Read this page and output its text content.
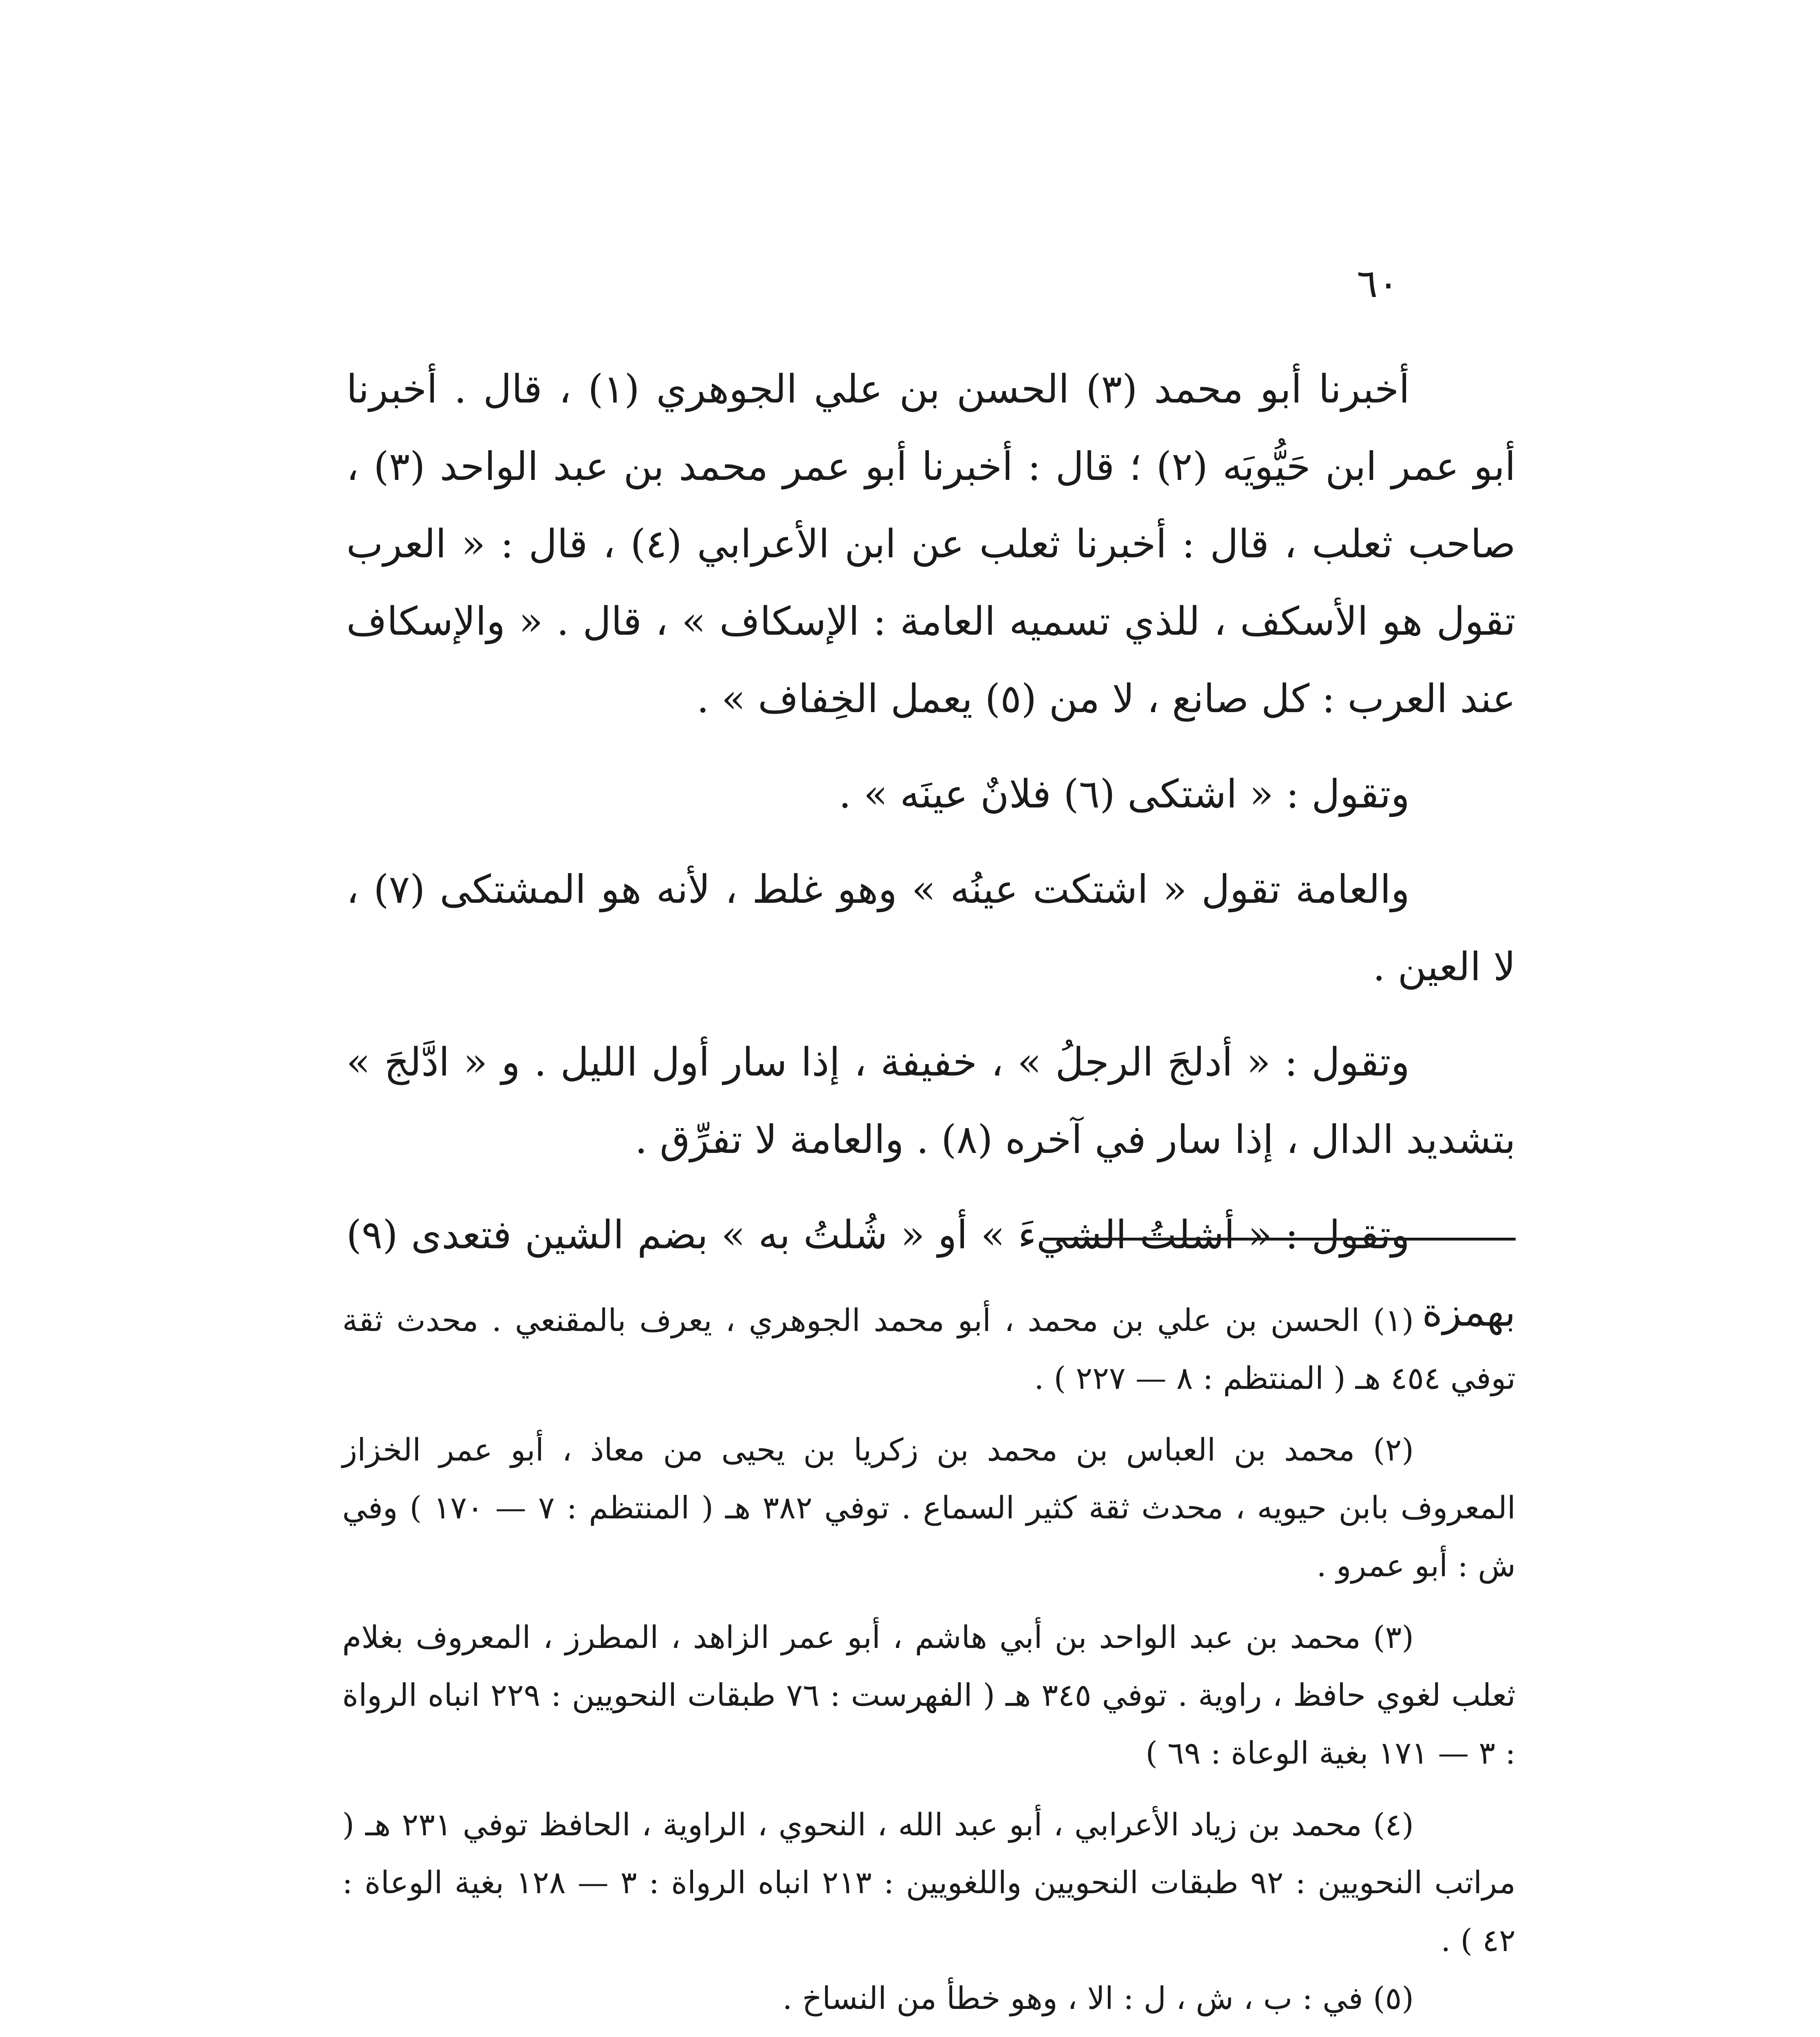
٦٠

أخبرنا أبو محمد (٣) الحسن بن علي الجوهري (١) ، قال . أخبرنا أبو عمر ابن حَيُّويَه (٢) ؛ قال : أخبرنا أبو عمر محمد بن عبد الواحد (٣) ، صاحب ثعلب ، قال : أخبرنا ثعلب عن ابن الأعرابي (٤) ، قال : « العرب تقول هو الأسكف ، للذي تسميه العامة : الإسكاف » ، قال . « والإسكاف عند العرب : كل صانع ، لا من (٥) يعمل الخِفاف » .

وتقول : « اشتكى (٦) فلانٌ عينَه » .

والعامة تقول « اشتكت عينُه » وهو غلط ، لأنه هو المشتكى (٧) ، لا العين .

وتقول : « أدلجَ الرجلُ » ، خفيفة ، إذا سار أول الليل . و « ادَّلجَ » بتشديد الدال ، إذا سار في آخره (٨) . والعامة لا تفرِّق .

وتقول : « أشلتُ الشيءَ » أو « شُلتُ به » بضم الشين فتعدى (٩) بهمزة

(١) الحسن بن علي بن محمد ، أبو محمد الجوهري ، يعرف بالمقنعي . محدث ثقة توفي ٤٥٤ هـ ( المنتظم : ٨ — ٢٢٧ ) .

(٢) محمد بن العباس بن محمد بن زكريا بن يحيى من معاذ ، أبو عمر الخزاز المعروف بابن حيويه ، محدث ثقة كثير السماع . توفي ٣٨٢ هـ ( المنتظم : ٧ — ١٧٠ ) وفي ش : أبو عمرو .

(٣) محمد بن عبد الواحد بن أبي هاشم ، أبو عمر الزاهد ، المطرز ، المعروف بغلام ثعلب لغوي حافظ ، راوية . توفي ٣٤٥ هـ ( الفهرست : ٧٦ طبقات النحويين : ٢٢٩ انباه الرواة : ٣ — ١٧١ بغية الوعاة : ٦٩ )

(٤) محمد بن زياد الأعرابي ، أبو عبد الله ، النحوي ، الراوية ، الحافظ توفي ٢٣١ هـ ( مراتب النحويين : ٩٢ طبقات النحويين واللغويين : ٢١٣ انباه الرواة : ٣ — ١٢٨ بغية الوعاة : ٤٢ ) .

(٥) في : ب ، ش ، ل : الا ، وهو خطأ من النساخ .
